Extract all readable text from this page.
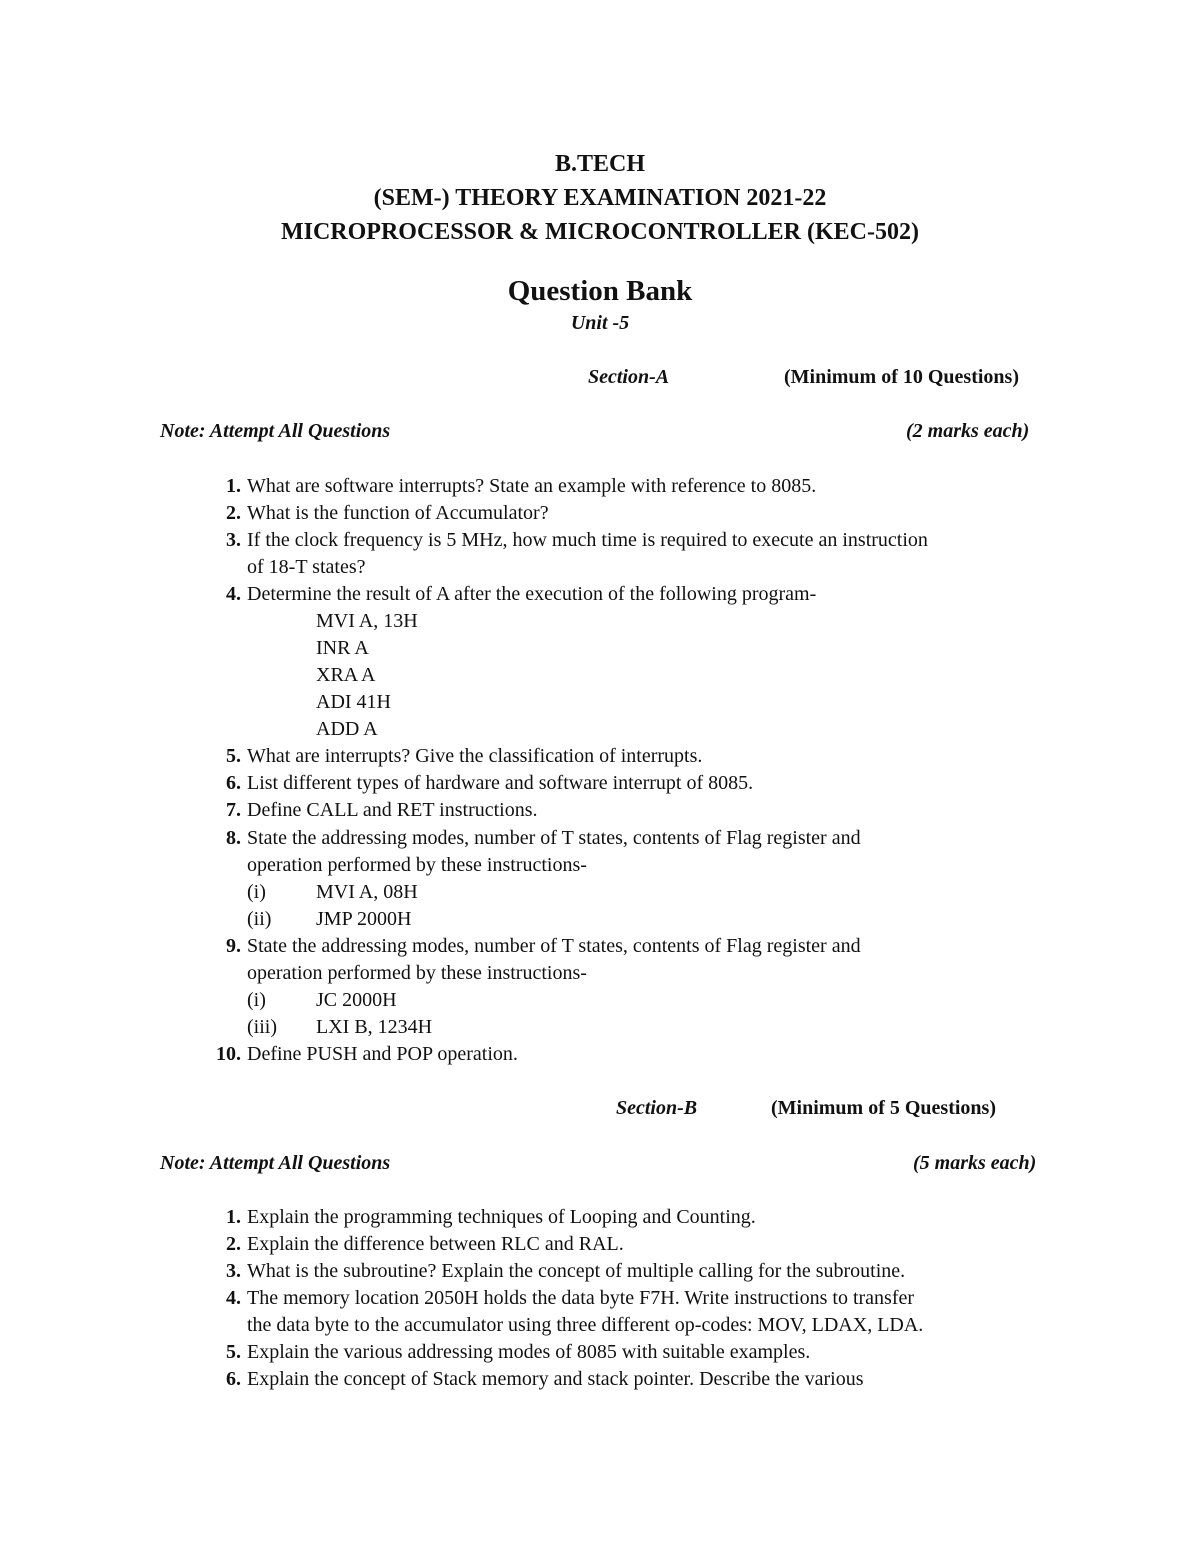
B.TECH
(SEM-) THEORY EXAMINATION 2021-22
MICROPROCESSOR & MICROCONTROLLER (KEC-502)
Question Bank
Unit -5
Section-A	(Minimum of 10 Questions)
Note: Attempt All Questions	(2 marks each)
1. What are software interrupts? State an example with reference to 8085.
2. What is the function of Accumulator?
3. If the clock frequency is 5 MHz, how much time is required to execute an instruction
of 18-T states?
4. Determine the result of A after the execution of the following program-
MVI A, 13H
INR A
XRA A
ADI 41H
ADD A
5. What are interrupts? Give the classification of interrupts.
6. List different types of hardware and software interrupt of 8085.
7. Define CALL and RET instructions.
8. State the addressing modes, number of T states, contents of Flag register and
operation performed by these instructions-
(i)	MVI A, 08H
(ii) JMP 2000H
9. State the addressing modes, number of T states, contents of Flag register and
operation performed by these instructions-
(i)	JC 2000H
(iii) LXI B, 1234H
10. Define PUSH and POP operation.
Section-B	(Minimum of 5 Questions)
Note: Attempt All Questions	(5 marks each)
1. Explain the programming techniques of Looping and Counting.
2. Explain the difference between RLC and RAL.
3. What is the subroutine? Explain the concept of multiple calling for the subroutine.
4. The memory location 2050H holds the data byte F7H. Write instructions to transfer
the data byte to the accumulator using three different op-codes: MOV, LDAX, LDA.
5. Explain the various addressing modes of 8085 with suitable examples.
6. Explain the concept of Stack memory and stack pointer. Describe the various
